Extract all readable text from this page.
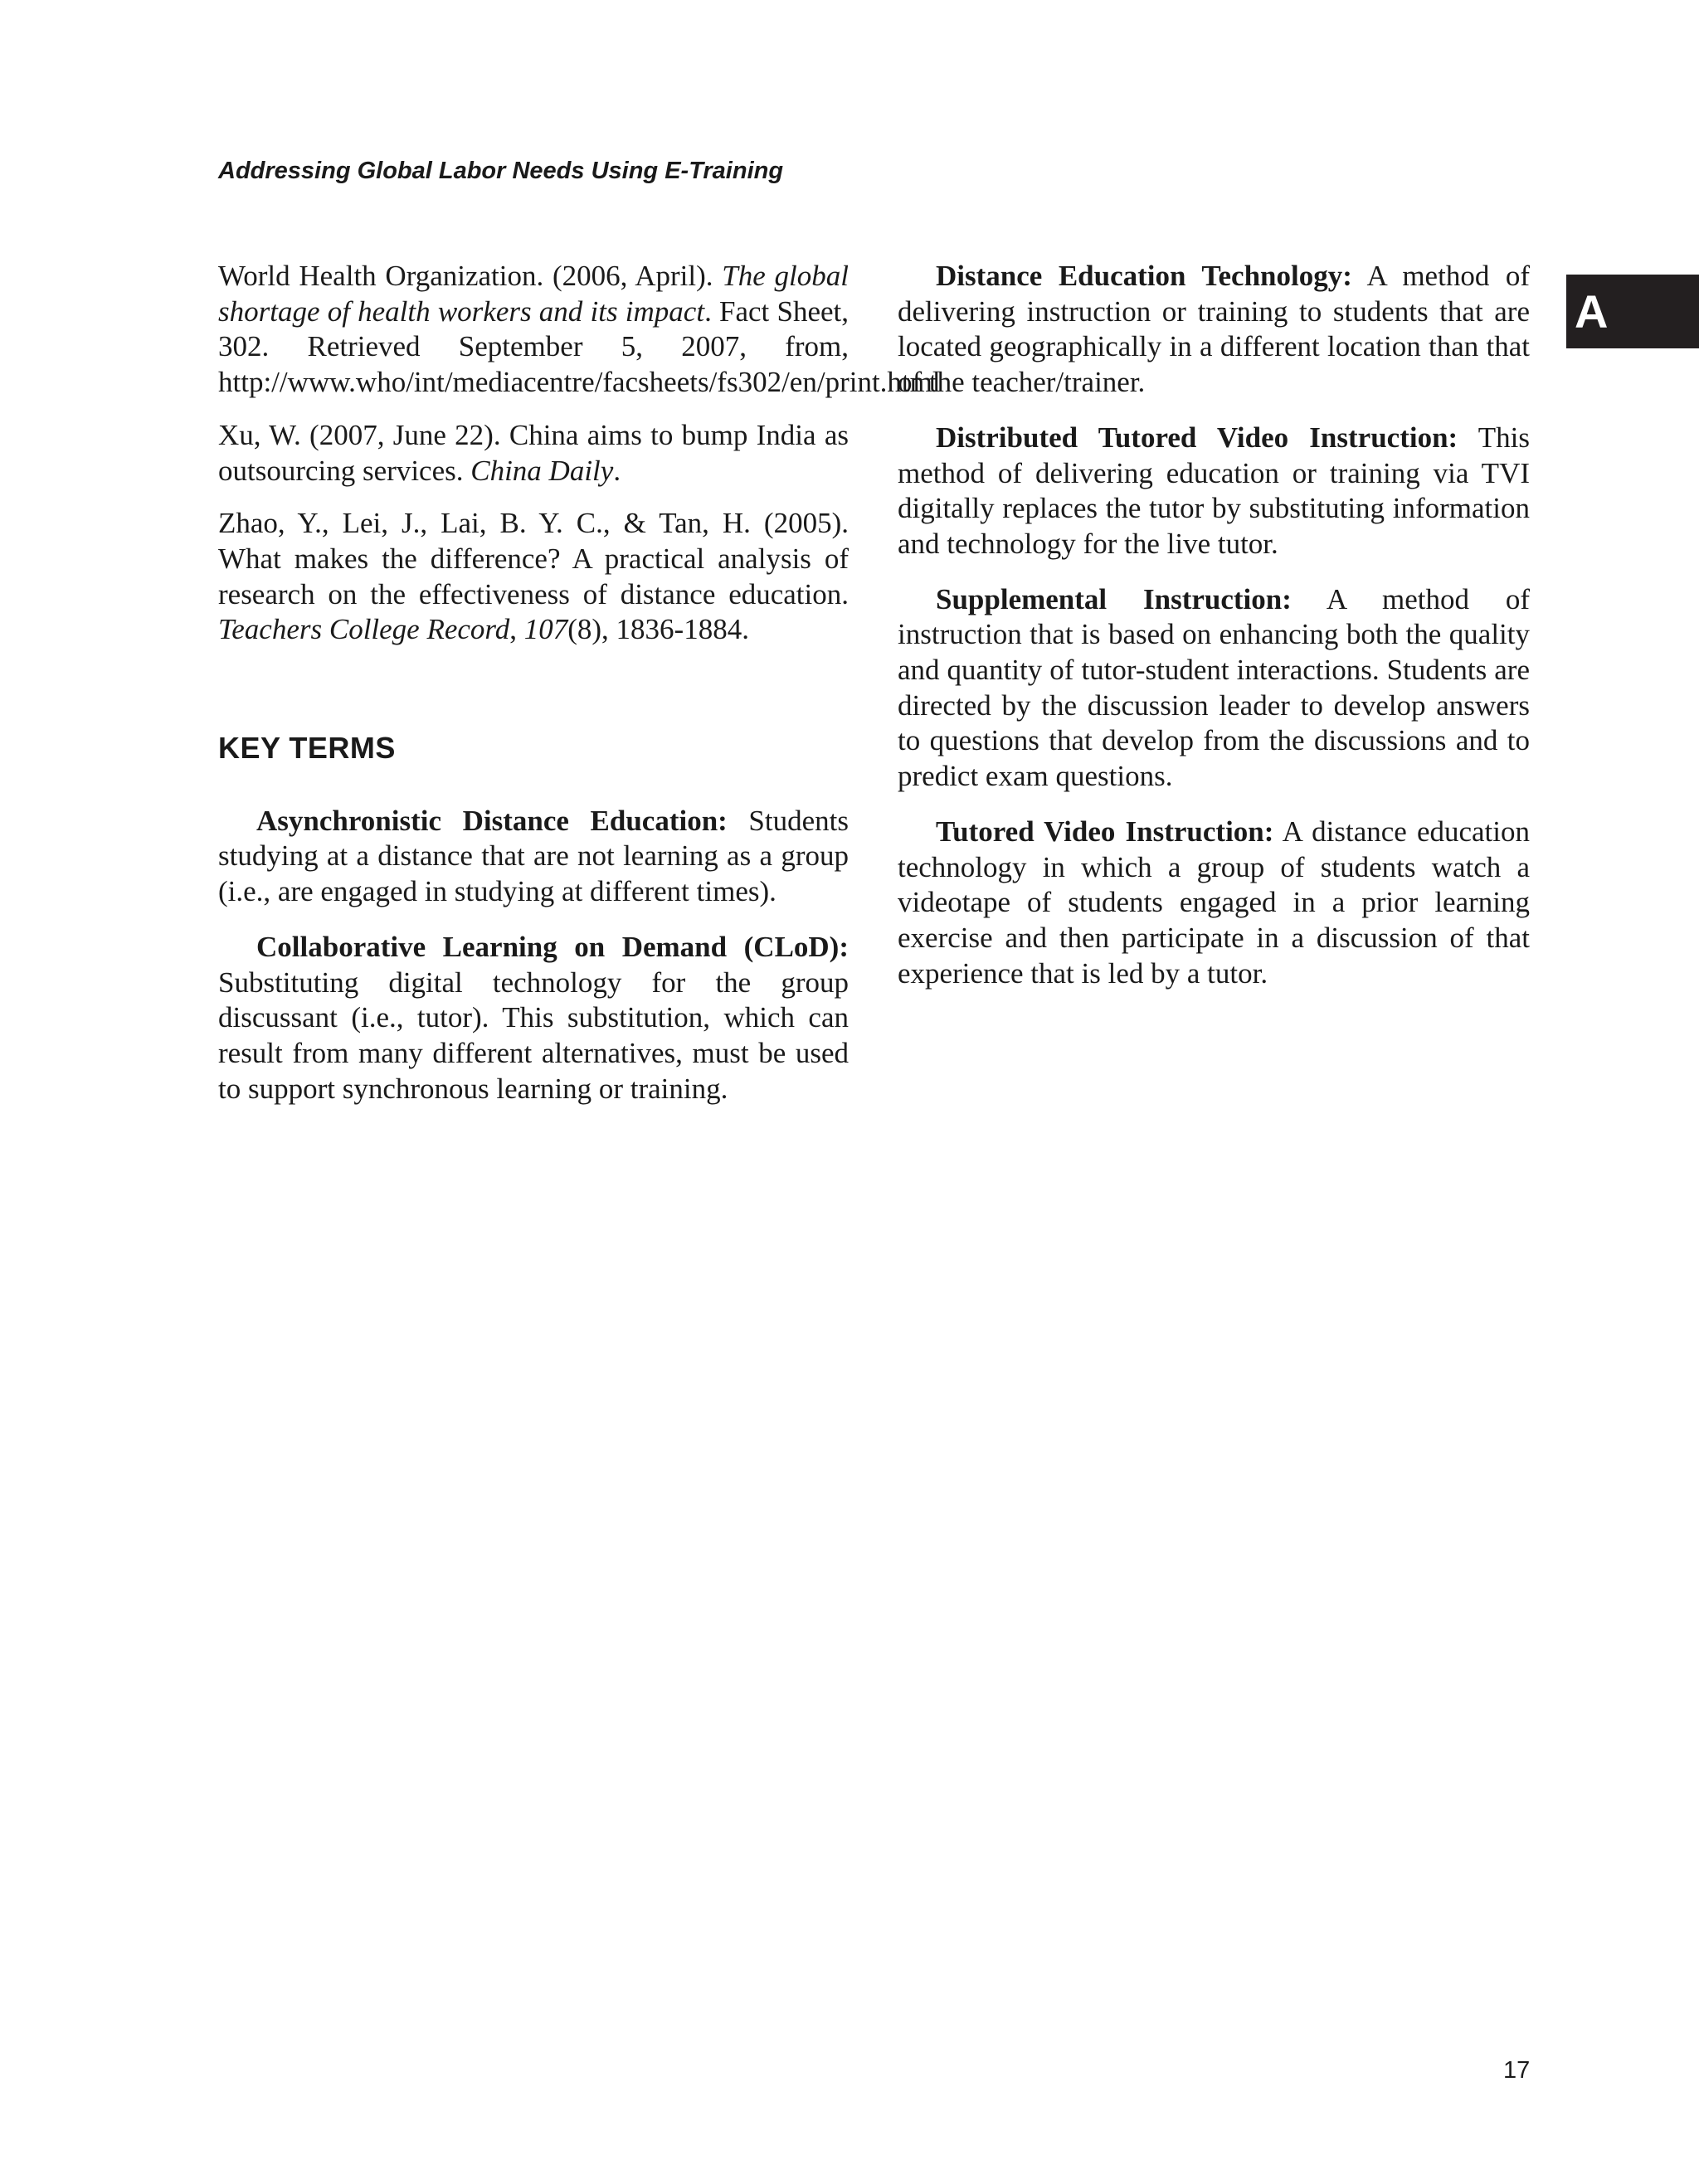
Addressing Global Labor Needs Using E-Training
A

World Health Organization. (2006, April). The global shortage of health workers and its impact. Fact Sheet, 302. Retrieved September 5, 2007, from, http://www.who/int/mediacentre/facsheets/fs302/en/print.html

Xu, W. (2007, June 22). China aims to bump India as outsourcing services. China Daily.

Zhao, Y., Lei, J., Lai, B. Y. C., & Tan, H. (2005). What makes the difference? A practical analysis of research on the effectiveness of distance education. Teachers College Record, 107(8), 1836-1884.

KEY TERMS

Asynchronistic Distance Education: Students studying at a distance that are not learning as a group (i.e., are engaged in studying at different times).

Collaborative Learning on Demand (CLoD): Substituting digital technology for the group discussant (i.e., tutor). This substitution, which can result from many different alternatives, must be used to support synchronous learning or training.

Distance Education Technology: A method of delivering instruction or training to students that are located geographically in a different location than that of the teacher/trainer.

Distributed Tutored Video Instruction: This method of delivering education or training via TVI digitally replaces the tutor by substituting information and technology for the live tutor.

Supplemental Instruction: A method of instruction that is based on enhancing both the quality and quantity of tutor-student interactions. Students are directed by the discussion leader to develop answers to questions that develop from the discussions and to predict exam questions.

Tutored Video Instruction: A distance education technology in which a group of students watch a videotape of students engaged in a prior learning exercise and then participate in a discussion of that experience that is led by a tutor.

17
